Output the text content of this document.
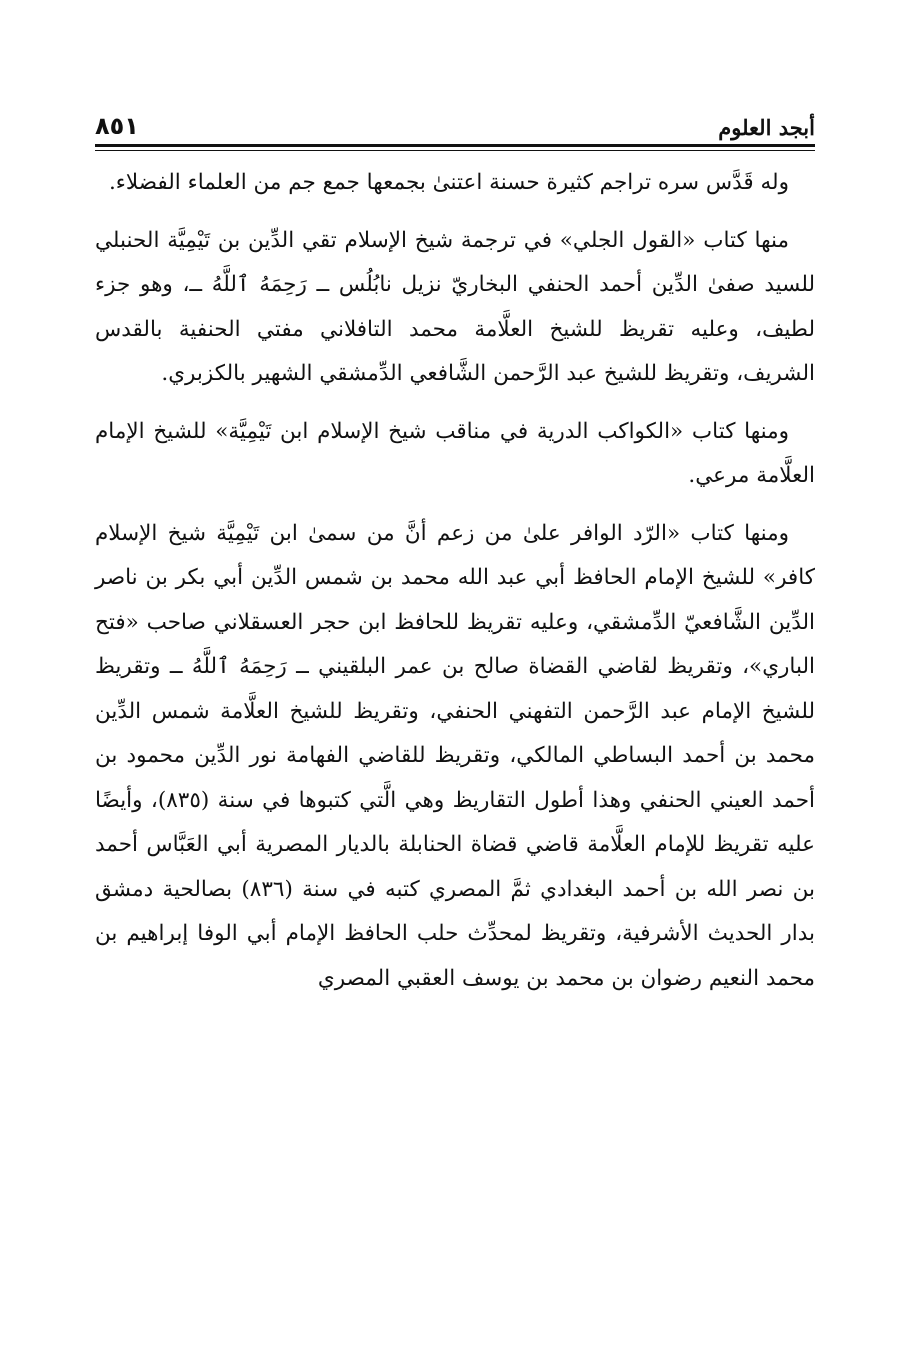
أبجد العلوم
٨٥١

وله قَدَّس سره تراجم كثيرة حسنة اعتنىٰ بجمعها جمع جم من العلماء الفضلاء.

منها كتاب «القول الجلي» في ترجمة شيخ الإسلام تقي الدِّين بن تَيْمِيَّة الحنبلي للسيد صفىٰ الدِّين أحمد الحنفي البخاريّ نزيل نابُلُس ــ رَحِمَهُ ٱللَّهُ ــ، وهو جزء لطيف، وعليه تقريظ للشيخ العلَّامة محمد التافلاني مفتي الحنفية بالقدس الشريف، وتقريظ للشيخ عبد الرَّحمن الشَّافعي الدِّمشقي الشهير بالكزبري.

ومنها كتاب «الكواكب الدرية في مناقب شيخ الإسلام ابن تَيْمِيَّة» للشيخ الإمام العلَّامة مرعي.

ومنها كتاب «الرّد الوافر علىٰ من زعم أنَّ من سمىٰ ابن تَيْمِيَّة شيخ الإسلام كافر» للشيخ الإمام الحافظ أبي عبد الله محمد بن شمس الدِّين أبي بكر بن ناصر الدِّين الشَّافعيّ الدِّمشقي، وعليه تقريظ للحافظ ابن حجر العسقلاني صاحب «فتح الباري»، وتقريظ لقاضي القضاة صالح بن عمر البلقيني ــ رَحِمَهُ ٱللَّهُ ــ وتقريظ للشيخ الإمام عبد الرَّحمن التفهني الحنفي، وتقريظ للشيخ العلَّامة شمس الدِّين محمد بن أحمد البساطي المالكي، وتقريظ للقاضي الفهامة نور الدِّين محمود بن أحمد العيني الحنفي وهذا أطول التقاريظ وهي الَّتي كتبوها في سنة (٨٣٥)، وأيضًا عليه تقريظ للإمام العلَّامة قاضي قضاة الحنابلة بالديار المصرية أبي العَبَّاس أحمد بن نصر الله بن أحمد البغدادي ثمَّ المصري كتبه في سنة (٨٣٦) بصالحية دمشق بدار الحديث الأشرفية، وتقريظ لمحدِّث حلب الحافظ الإمام أبي الوفا إبراهيم بن محمد النعيم رضوان بن محمد بن يوسف العقبي المصري
